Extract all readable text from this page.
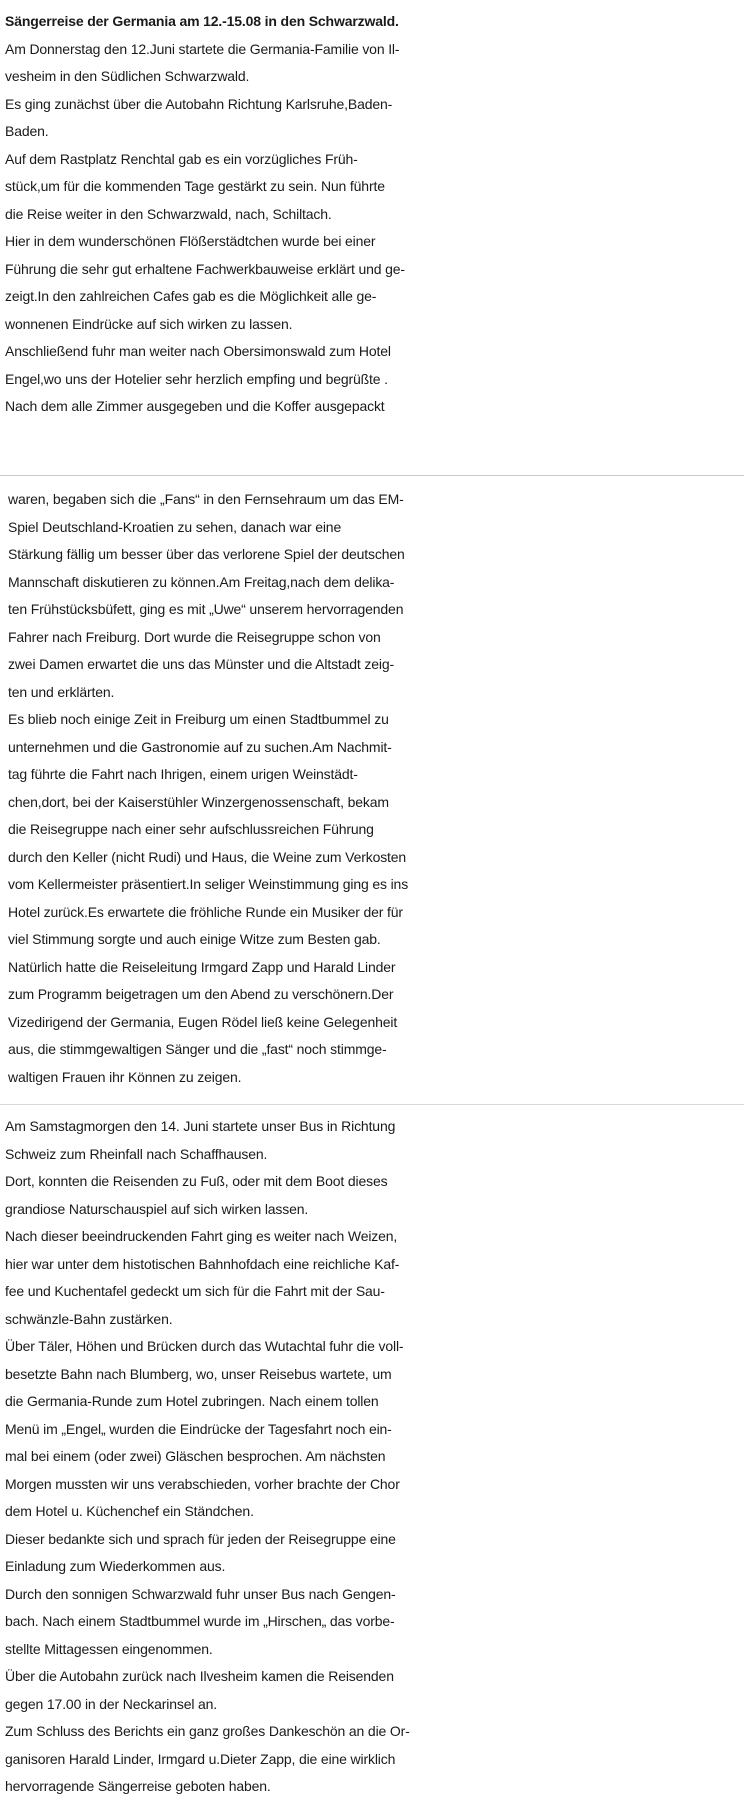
Sängerreise der Germania am 12.-15.08 in den Schwarzwald.

Am Donnerstag den 12.Juni startete die Germania-Familie von Il-

vesheim in den Südlichen Schwarzwald.

Es ging zunächst über die Autobahn Richtung Karlsruhe,Baden-

Baden.

Auf dem Rastplatz Renchtal gab es ein vorzügliches Früh-

stück,um für die kommenden Tage gestärkt zu sein. Nun führte

die Reise weiter in den Schwarzwald, nach, Schiltach.

Hier in dem wunderschönen Flößerstädtchen wurde bei einer

Führung die sehr gut erhaltene Fachwerkbauweise erklärt und ge-

zeigt.In den zahlreichen Cafes gab es die Möglichkeit alle ge-

wonnenen Eindrücke auf sich wirken zu lassen.

Anschließend fuhr man weiter nach Obersimonswald zum Hotel

Engel,wo uns der Hotelier sehr herzlich empfing und begrüßte .

Nach dem alle Zimmer ausgegeben und die Koffer ausgepackt

waren, begaben sich die „Fans“ in den Fernsehraum um das EM-

Spiel Deutschland-Kroatien zu sehen, danach war eine

Stärkung fällig um besser über das verlorene Spiel der deutschen

Mannschaft diskutieren zu können.Am Freitag,nach dem delika-

ten Frühstücksbüfett, ging es mit „Uwe“ unserem hervorragenden

Fahrer nach Freiburg. Dort wurde die Reisegruppe schon von

zwei Damen erwartet die uns das Münster und die Altstadt zeig-

ten und erklärten.

Es blieb noch einige Zeit in Freiburg um einen Stadtbummel zu

unternehmen und die Gastronomie auf zu suchen.Am Nachmit-

tag führte die Fahrt nach Ihrigen, einem urigen Weinstädt-

chen,dort, bei der Kaiserstühler Winzergenossenschaft, bekam

die Reisegruppe nach einer sehr aufschlussreichen Führung

durch den Keller (nicht Rudi) und Haus, die Weine zum Verkosten

vom Kellermeister präsentiert.In seliger Weinstimmung ging es ins

Hotel zurück.Es erwartete die fröhliche Runde ein Musiker der für

viel Stimmung sorgte und auch einige Witze zum Besten gab.

Natürlich hatte die Reiseleitung Irmgard Zapp und Harald Linder

zum Programm beigetragen um den Abend zu verschönern.Der

Vizedirigend der Germania, Eugen Rödel ließ keine Gelegenheit

aus, die stimmgewaltigen Sänger und die „fast“ noch stimmge-

waltigen Frauen ihr Können zu zeigen.

Am Samstagmorgen den 14. Juni startete unser Bus in Richtung

Schweiz zum Rheinfall nach Schaffhausen.

Dort, konnten die Reisenden zu Fuß, oder mit dem Boot dieses

grandiose Naturschauspiel auf sich wirken lassen.

Nach dieser beeindruckenden Fahrt ging es weiter nach Weizen,

hier war unter dem histotischen Bahnhofdach eine reichliche Kaf-

fee und Kuchentafel gedeckt um sich für die Fahrt mit der Sau-

schwänzle-Bahn zustärken.

Über Täler, Höhen und Brücken durch das Wutachtal fuhr die voll-

besetzte Bahn nach Blumberg, wo, unser Reisebus wartete, um

die Germania-Runde zum Hotel zubringen. Nach einem tollen

Menü im „Engel„ wurden die Eindrücke der Tagesfahrt noch ein-

mal bei einem (oder zwei) Gläschen besprochen. Am nächsten

Morgen mussten wir uns verabschieden, vorher brachte der Chor

dem Hotel u. Küchenchef ein Ständchen.

Dieser bedankte sich und sprach für jeden der Reisegruppe eine

Einladung zum Wiederkommen aus.

Durch den sonnigen Schwarzwald fuhr unser Bus nach Gengen-

bach. Nach einem Stadtbummel wurde im „Hirschen„ das vorbe-

stellte Mittagessen eingenommen.

Über die Autobahn zurück nach Ilvesheim kamen die Reisenden

gegen 17.00 in der Neckarinsel an.

Zum Schluss des Berichts ein ganz großes Dankeschön an die Or-

ganisoren Harald Linder, Irmgard u.Dieter Zapp, die eine wirklich

hervorragende Sängerreise geboten haben.
